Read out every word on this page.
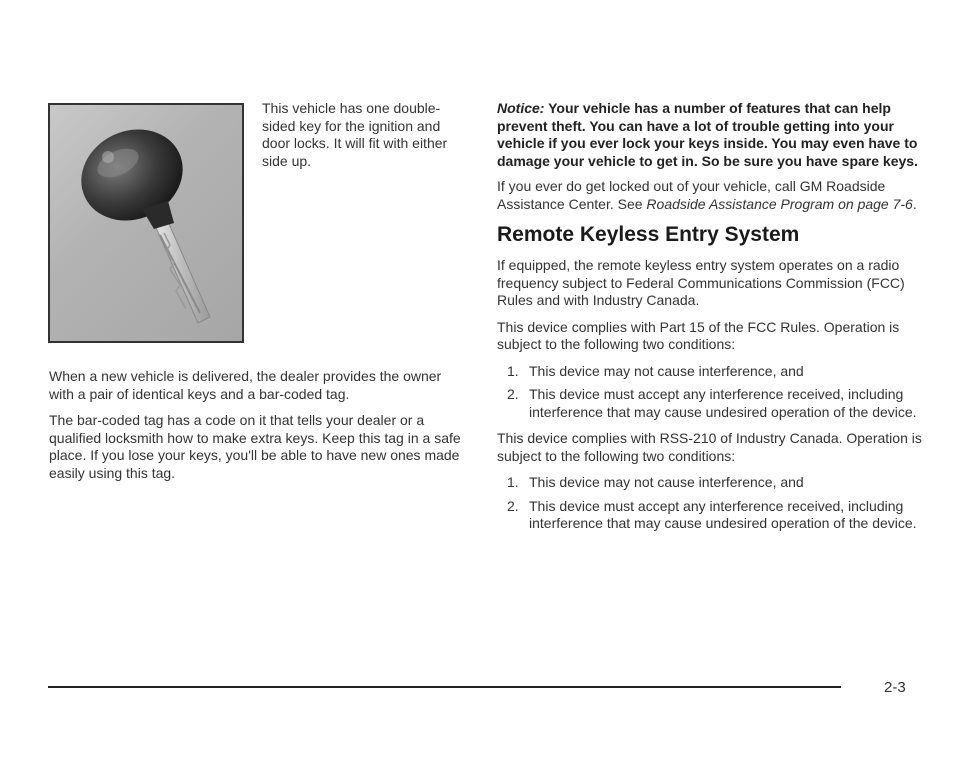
This vehicle has one double-sided key for the ignition and door locks. It will fit with either side up.

When a new vehicle is delivered, the dealer provides the owner with a pair of identical keys and a bar-coded tag.

The bar-coded tag has a code on it that tells your dealer or a qualified locksmith how to make extra keys. Keep this tag in a safe place. If you lose your keys, you'll be able to have new ones made easily using this tag.

Notice: Your vehicle has a number of features that can help prevent theft. You can have a lot of trouble getting into your vehicle if you ever lock your keys inside. You may even have to damage your vehicle to get in. So be sure you have spare keys.

If you ever do get locked out of your vehicle, call GM Roadside Assistance Center. See Roadside Assistance Program on page 7-6.

Remote Keyless Entry System

If equipped, the remote keyless entry system operates on a radio frequency subject to Federal Communications Commission (FCC) Rules and with Industry Canada.

This device complies with Part 15 of the FCC Rules. Operation is subject to the following two conditions:

1. This device may not cause interference, and
2. This device must accept any interference received, including interference that may cause undesired operation of the device.

This device complies with RSS-210 of Industry Canada. Operation is subject to the following two conditions:

1. This device may not cause interference, and
2. This device must accept any interference received, including interference that may cause undesired operation of the device.
2-3
